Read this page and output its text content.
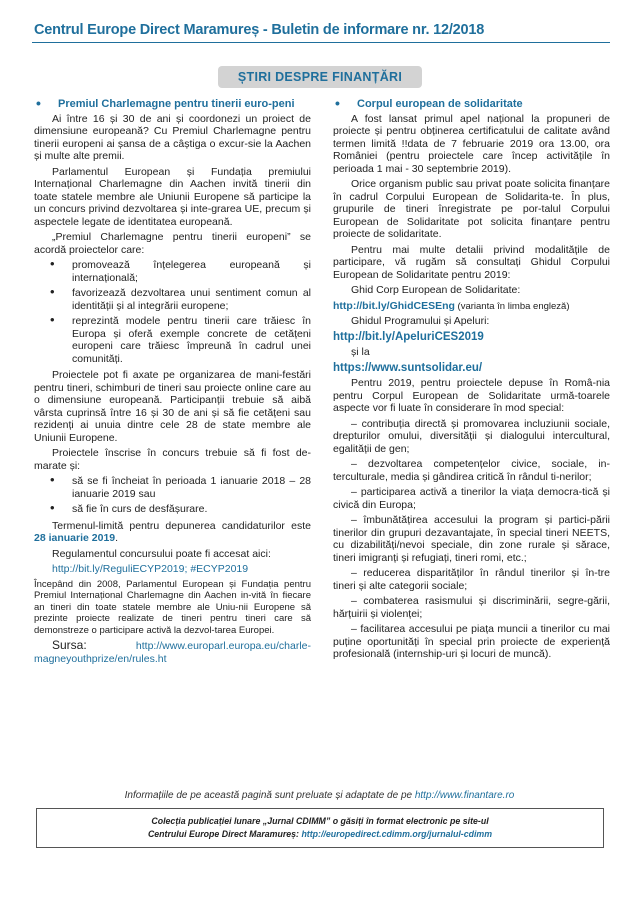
Centrul Europe Direct Maramureș - Buletin de informare nr. 12/2018
ȘTIRI DESPRE FINANȚĂRI
• Premiul Charlemagne pentru tinerii euro-peni

Ai între 16 și 30 de ani și coordonezi un proiect de dimensiune europeană? Cu Premiul Charlemagne pentru tinerii europeni ai șansa de a câștiga o excur-sie la Aachen și multe alte premii.

Parlamentul European și Fundația premiului Internațional Charlemagne din Aachen invită tinerii din toate statele membre ale Uniunii Europene să participe la un concurs privind dezvoltarea și inte-grarea UE, precum și aspectele legate de identitatea europeană.

„Premiul Charlemagne pentru tinerii europeni” se acordă proiectelor care:

• promovează înțelegerea europeană și internațională;
• favorizează dezvoltarea unui sentiment comun al identității și al integrării europene;
• reprezintă modele pentru tinerii care trăiesc în Europa și oferă exemple concrete de cetățeni europeni care trăiesc împreună în cadrul unei comunități.

Proiectele pot fi axate pe organizarea de mani-festări pentru tineri, schimburi de tineri sau proiecte online care au o dimensiune europeană. Participanții trebuie să aibă vârsta cuprinsă între 16 și 30 de ani și să fie cetățeni sau rezidenți ai unuia dintre cele 28 de state membre ale Uniunii Europene.

Proiectele înscrise în concurs trebuie să fi fost de-marate și:

• să se fi încheiat în perioada 1 ianuarie 2018 – 28 ianuarie 2019 sau
• să fie în curs de desfășurare.

Termenul-limită pentru depunerea candidaturilor este 28 ianuarie 2019.

Regulamentul concursului poate fi accesat aici:

http://bit.ly/ReguliECYP2019; #ECYP2019

Începând din 2008, Parlamentul European și Fundația pentru Premiul Internațional Charlemagne din Aachen in-vită în fiecare an tineri din toate statele membre ale Uniu-nii Europene să prezinte proiecte realizate de tineri pentru tineri care să demonstreze o participare activă la dezvol-tarea Europei.

Sursa: http://www.europarl.europa.eu/charle-magneyouthprize/en/rules.ht

• Corpul european de solidaritate

A fost lansat primul apel național la propuneri de proiecte și pentru obținerea certificatului de calitate având termen limită !!data de 7 februarie 2019 ora 13.00, ora României (pentru proiectele care încep activitățile în perioada 1 mai - 30 septembrie 2019).

Orice organism public sau privat poate solicita finanțare în cadrul Corpului European de Solidarita-te. În plus, grupurile de tineri înregistrate pe por-talul Corpului European de Solidaritate pot solicita finanțare pentru proiecte de solidaritate.

Pentru mai multe detalii privind modalitățile de participare, vă rugăm să consultați Ghidul Corpului European de Solidaritate pentru 2019:

Ghid Corp European de Solidaritate:

http://bit.ly/GhidCESEng (varianta în limba engleză)

Ghidul Programului și Apeluri:

http://bit.ly/ApeluriCES2019

și la

https://www.suntsolidar.eu/

Pentru 2019, pentru proiectele depuse în Româ-nia pentru Corpul European de Solidaritate urmă-toarele aspecte vor fi luate în considerare în mod special:

– contribuția directă și promovarea incluziunii sociale, drepturilor omului, diversității și dialogului intercultural, egalității de gen;

– dezvoltarea competențelor civice, sociale, in-terculturale, media și gândirea critică în rândul ti-nerilor;

– participarea activă a tinerilor la viața democra-tică și civică din Europa;

– îmbunătățirea accesului la program și partici-pării tinerilor din grupuri dezavantajate, în special tineri NEETS, cu dizabilități/nevoi speciale, din zone rurale și sărace, tineri imigranți și refugiați, tineri romi, etc.;

– reducerea disparităților în rândul tinerilor și în-tre tineri și alte categorii sociale;

– combaterea rasismului și discriminării, segre-gării, hărțuirii și violenței;

– facilitarea accesului pe piața muncii a tinerilor cu mai puține oportunități în special prin proiecte de experiență profesională (internship-uri și locuri de muncă).

Informațiile de pe această pagină sunt preluate și adaptate de pe http://www.finantare.ro
Colecția publicației lunare „Jurnal CDIMM” o găsiți în format electronic pe site-ul
Centrului Europe Direct Maramureș: http://europedirect.cdimm.org/jurnalul-cdimm
